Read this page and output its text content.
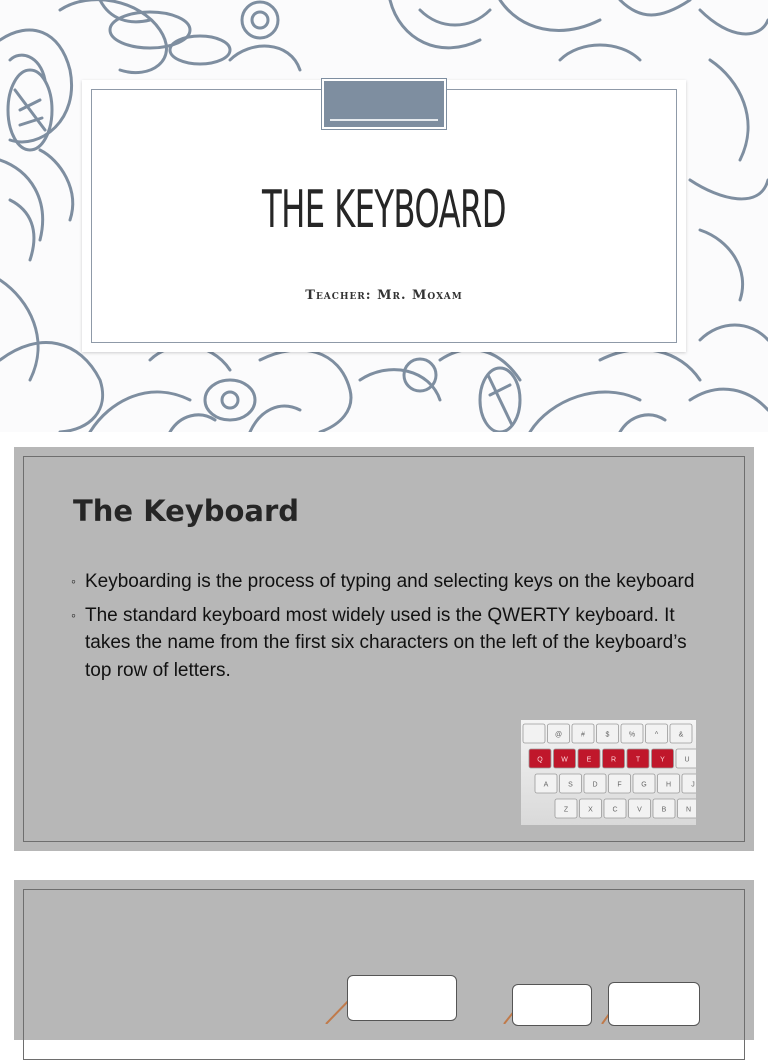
THE KEYBOARD
Teacher: Mr. Moxam
The Keyboard
◦ Keyboarding is the process of typing and selecting keys on the keyboard
◦ The standard keyboard most widely used is the QWERTY keyboard. It takes the name from the first six characters on the left of the keyboard’s top row of letters.
@	#	$	%	^	&
Q	W	E	R	T	Y	U
A	S	D	F	G	H	J
Z	X	C	V	B	N
